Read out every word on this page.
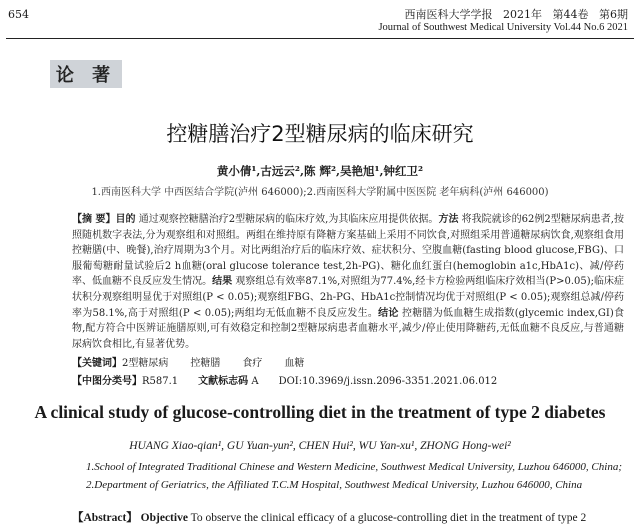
654	西南医科大学学报 2021年 第44卷 第6期
Journal of Southwest Medical University Vol.44 No.6 2021
论 著
控糖膳治疗2型糖尿病的临床研究
黄小倩¹,古远云²,陈 辉²,吴艳旭¹,钟红卫²
1.西南医科大学 中西医结合学院(泸州 646000);2.西南医科大学附属中医医院 老年病科(泸州 646000)
【摘 要】目的 通过观察控糖膳治疗2型糖尿病的临床疗效,为其临床应用提供依据。方法 将我院就诊的62例2型糖尿病患者,按照随机数字表法,分为观察组和对照组。两组在维持原有降糖方案基础上采用不同饮食,对照组采用普通糖尿病饮食,观察组食用控糖膳(中、晚餐),治疗周期为3个月。对比两组治疗后的临床疗效、症状积分、空腹血糖(fasting blood glucose,FBG)、口服葡萄糖耐量试验后2 h血糖(oral glucose tolerance test,2h-PG)、糖化血红蛋白(hemoglobin a1c,HbA1c)、减/停药率、低血糖不良反应发生情况。结果 观察组总有效率87.1%,对照组为77.4%,经卡方检验两组临床疗效相当(P>0.05);临床症状积分观察组明显优于对照组(P < 0.05);观察组FBG、2h-PG、HbA1c控制情况均优于对照组(P < 0.05);观察组总减/停药率为58.1%,高于对照组(P < 0.05);两组均无低血糖不良反应发生。结论 控糖膳为低血糖生成指数(glycemic index,GI)食物,配方符合中医辨证施膳原则,可有效稳定和控制2型糖尿病患者血糖水平,减少/停止使用降糖药,无低血糖不良反应,与普通糖尿病饮食相比,有显著优势。
【关键词】2型糖尿病 控糖膳 食疗 血糖
【中图分类号】R587.1 文献标志码 A DOI:10.3969/j.issn.2096-3351.2021.06.012
A clinical study of glucose-controlling diet in the treatment of type 2 diabetes
HUANG Xiao-qian¹, GU Yuan-yun², CHEN Hui², WU Yan-xu¹, ZHONG Hong-wei²
1.School of Integrated Traditional Chinese and Western Medicine, Southwest Medical University, Luzhou 646000, China; 2.Department of Geriatrics, the Affiliated T.C.M Hospital, Southwest Medical University, Luzhou 646000, China
【Abstract】 Objective To observe the clinical efficacy of a glucose-controlling diet in the treatment of type 2
